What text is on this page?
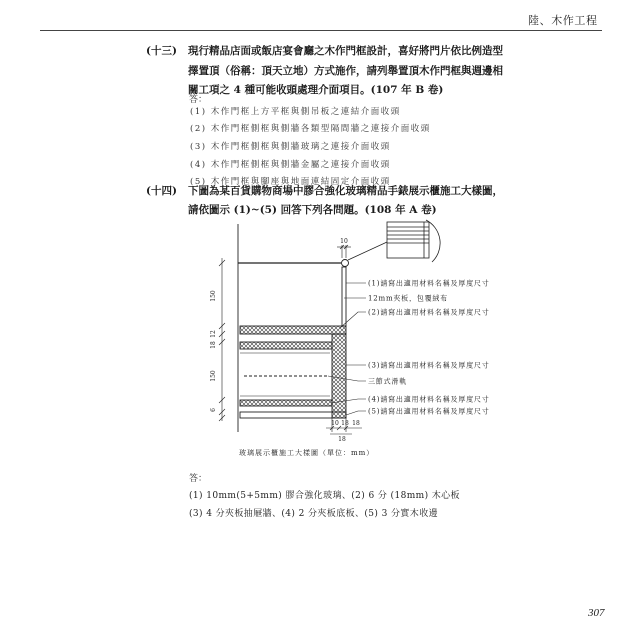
陸、木作工程
(十三) 現行精品店面或飯店宴會廳之木作門框設計，喜好將門片依比例造型
擇置頂（俗稱：頂天立地）方式施作，請列舉置頂木作門框與週邊相
關工項之 4 種可能收頭處理介面項目。(107 年 B 卷)
答：
(1) 木作門框上方平框與側吊板之連結介面收頭
(2) 木作門框側框與側牆各類型隔間牆之連接介面收頭
(3) 木作門框側框與側牆玻璃之連接介面收頭
(4) 木作門框側框與側牆金屬之連接介面收頭
(5) 木作門框與腳座與地面連結固定介面收頭
(十四) 下圖為某百貨購物商場中膠合強化玻璃精品手錶展示櫃施工大樣圖，
請依圖示 (1)~(5) 回答下列各問題。(108 年 A 卷)
10
150
18
12
150
6
10 18 18
18
(1)請寫出適用材料名稱及厚度尺寸
12mm夾板，包覆絨布
(2)請寫出適用材料名稱及厚度尺寸
(3)請寫出適用材料名稱及厚度尺寸
三節式滑軌
(4)請寫出適用材料名稱及厚度尺寸
(5)請寫出適用材料名稱及厚度尺寸
玻璃展示櫃施工大樣圖（單位：mm）
答：
(1) 10mm(5+5mm) 膠合強化玻璃、(2) 6 分 (18mm) 木心板
(3) 4 分夾板抽屜牆、(4) 2 分夾板底板、(5) 3 分實木收邊
307
